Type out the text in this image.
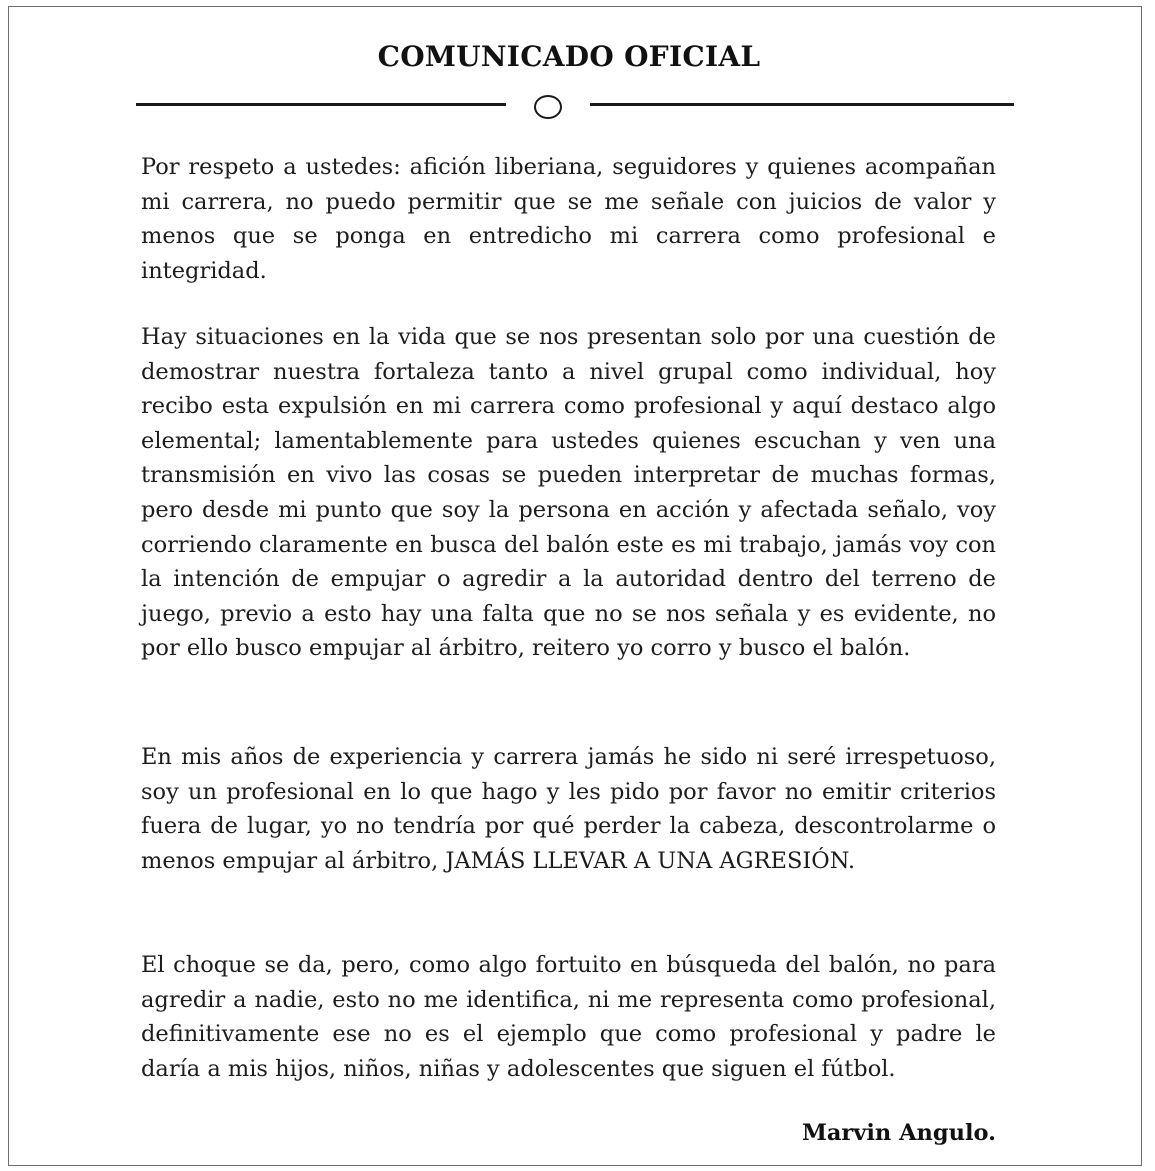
COMUNICADO OFICIAL

Por respeto a ustedes: afición liberiana, seguidores y quienes acompañan mi carrera, no puedo permitir que se me señale con juicios de valor y menos que se ponga en entredicho mi carrera como profesional e integridad.

Hay situaciones en la vida que se nos presentan solo por una cuestión de demostrar nuestra fortaleza tanto a nivel grupal como individual, hoy recibo esta expulsión en mi carrera como profesional y aquí destaco algo elemental; lamentablemente para ustedes quienes escuchan y ven una transmisión en vivo las cosas se pueden interpretar de muchas formas, pero desde mi punto que soy la persona en acción y afectada señalo, voy corriendo claramente en busca del balón este es mi trabajo, jamás voy con la intención de empujar o agredir a la autoridad dentro del terreno de juego, previo a esto hay una falta que no se nos señala y es evidente, no por ello busco empujar al árbitro, reitero yo corro y busco el balón.

En mis años de experiencia y carrera jamás he sido ni seré irrespetuoso, soy un profesional en lo que hago y les pido por favor no emitir criterios fuera de lugar, yo no tendría por qué perder la cabeza, descontrolarme o menos empujar al árbitro, JAMÁS LLEVAR A UNA AGRESIÓN.

El choque se da, pero, como algo fortuito en búsqueda del balón, no para agredir a nadie, esto no me identifica, ni me representa como profesional, definitivamente ese no es el ejemplo que como profesional y padre le daría a mis hijos, niños, niñas y adolescentes que siguen el fútbol.

Marvin Angulo.
